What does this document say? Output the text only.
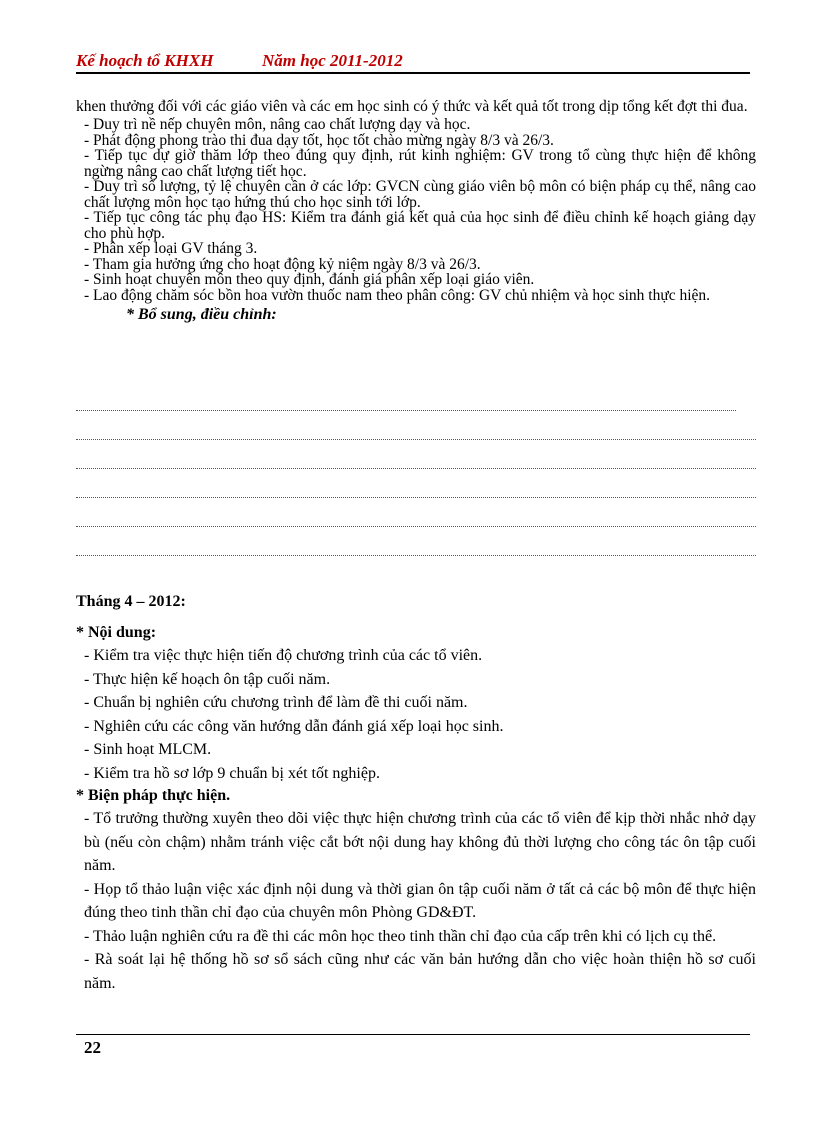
Kế hoạch tổ KHXH	Năm học 2011-2012

khen thưởng đối với các giáo viên và các em học sinh có ý thức và kết quả tốt trong dịp tổng kết đợt thi đua.

- Duy trì nề nếp chuyên môn, nâng cao chất lượng dạy và học.

- Phát động phong trào thi đua dạy tốt, học tốt chào mừng ngày 8/3 và 26/3.

- Tiếp tục dự giờ thăm lớp theo đúng quy định, rút kinh nghiệm: GV trong tổ cùng thực hiện để không ngừng nâng cao chất lượng tiết học.

- Duy trì số lượng, tỷ lệ chuyên cần ở các lớp: GVCN cùng giáo viên bộ môn có biện pháp cụ thể, nâng cao chất lượng môn học tạo hứng thú cho học sinh tới lớp.

- Tiếp tục công tác phụ đạo HS: Kiểm tra đánh giá kết quả của học sinh để điều chỉnh kế hoạch giảng dạy cho phù hợp.

- Phân xếp loại GV tháng 3.

- Tham gia hưởng ứng cho hoạt động kỷ niệm ngày 8/3 và 26/3.

- Sinh hoạt chuyên môn theo quy định, đánh giá phân xếp loại giáo viên.

- Lao động chăm sóc bồn hoa vườn thuốc nam theo phân công: GV chủ nhiệm và học sinh thực hiện.

* Bổ sung, điều chỉnh:

Tháng 4 – 2012:
* Nội dung:

- Kiểm tra việc thực hiện tiến độ chương trình của các tổ viên.

- Thực hiện kế hoạch ôn tập cuối năm.

- Chuẩn bị nghiên cứu chương trình để làm đề thi cuối năm.

- Nghiên cứu các công văn hướng dẫn đánh giá xếp loại học sinh.

- Sinh hoạt MLCM.

- Kiểm tra hồ sơ lớp 9 chuẩn bị xét tốt nghiệp.

* Biện pháp thực hiện.

- Tổ trưởng thường xuyên theo dõi việc thực hiện chương trình của các tổ viên để kịp thời nhắc nhở dạy bù (nếu còn chậm) nhằm tránh việc cắt bớt nội dung hay không đủ thời lượng cho công tác ôn tập cuối năm.

- Họp tổ thảo luận việc xác định nội dung và thời gian ôn tập cuối năm ở tất cả các bộ môn để thực hiện đúng theo tinh thần chỉ đạo của chuyên môn Phòng GD&ĐT.

- Thảo luận nghiên cứu ra đề thi các môn học theo tinh thần chỉ đạo của cấp trên khi có lịch cụ thể.

- Rà soát lại hệ thống hồ sơ sổ sách cũng như các văn bản hướng dẫn cho việc hoàn thiện hồ sơ cuối năm.

22
